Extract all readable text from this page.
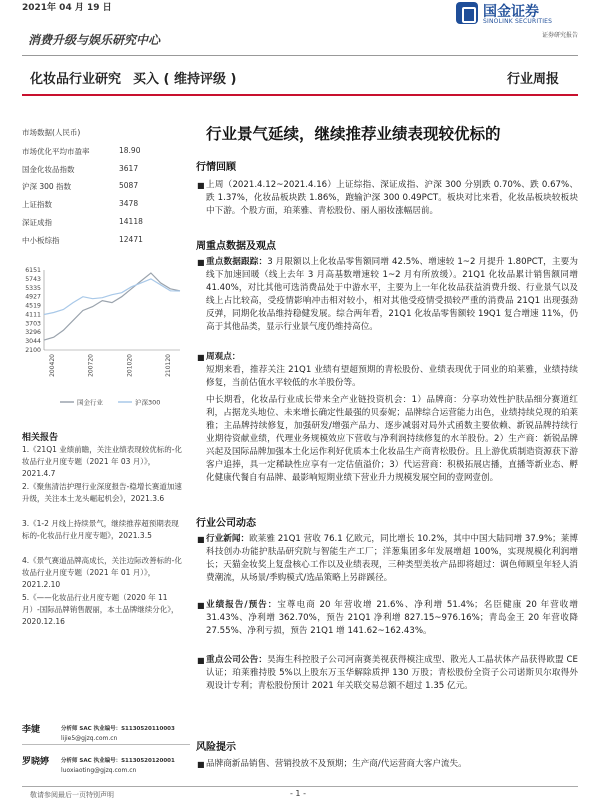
2021年 04 月 19 日	国金证券
SINOLINK SECURITIES
证券研究报告
消费升级与娱乐研究中心
化妆品行业研究 买入 ( 维持评级 )	行业周报
行业景气延续，继续推荐业绩表现较优标的
市场数据(人民币)
市场优化平均市盈率	18.90
国金化妆品指数	3617
沪深 300 指数	5087
上证指数	3478
深证成指	14118
中小板综指	12471
6151
5743
5335
4927
4519
4111
3703
3296
3044
2100
200420	200720	201020	210120
国金行业	沪深300
相关报告
1.《21Q1 业绩前瞻，关注业绩表现较优标的-化妆品行业月度专题（2021 年 03 月）》，2021.4.7
2.《聚焦清洁护理行业深度报告-稳增长赛道加速升级，关注本土龙头崛起机会》，2021.3.6
3.《1-2 月线上持续景气，继续推荐超预期表现标的-化妆品行业月度专题》，2021.3.5
4.《景气赛道品牌高成长，关注边际改善标的-化妆品行业月度专题（2021 年 01 月）》，2021.2.10
5.《——化妆品行业月度专题（2020 年 11 月）-国际品牌销售靓丽，本土品牌继续分化》，2020.12.16
李婕	分析师 SAC 执业编号：S1130520110003
lijie5@gjzq.com.cn
罗晓婷 分析师 SAC 执业编号：S1130520120001
luoxiaoting@gjzq.com.cn
行情回顾
■ 上周（2021.4.12~2021.4.16）上证综指、深证成指、沪深 300 分别跌 0.70%、跌 0.67%、跌 1.37%，化妆品板块跌 1.86%，跑输沪深 300 0.49PCT。板块对比来看，化妆品板块较板块中下游。个股方面，珀莱雅、青松股份、丽人丽妆涨幅居前。
周重点数据及观点
■ 重点数据跟踪：3 月限额以上化妆品零售额同增 42.5%、增速较 1~2 月提升 1.80PCT，主要为线下加速回暖（线上去年 3 月高基数增速较 1~2 月有所放缓）。21Q1 化妆品累计销售额同增 41.40%，对比其他可选消费品处于中游水平，主要为上一年化妆品获益消费升级、行业景气以及线上占比较高，受疫情影响冲击相对较小，相对其他受疫情受损较严重的消费品 21Q1 出现强劲反弹，同期化妆品维持稳健发展。综合两年看，21Q1 化妆品零售额较 19Q1 复合增速 11%，仍高于其他品类，显示行业景气度仍维持高位。
■ 周观点：
短期来看，推荐关注 21Q1 业绩有望超预期的青松股份、业绩表现优于同业的珀莱雅，业绩持续修复，当前估值水平较低的水羊股份等。
中长期看，化妆品行业成长带来全产业链投资机会：1）品牌商：分享功效性护肤品细分赛道红利，占据龙头地位、未来增长确定性最强的贝泰妮；品牌综合运营能力出色，业绩持续兑现的珀莱雅；主品牌持续修复，加强研发/增强产品力、逐步减弱对局外式函数主要依赖、新锐品牌持续行业期待资献业绩，代理业务规模效应下营收与净利润持续修复的水羊股份。2）生产商：新锐品牌兴起及国际品牌加强本土化运作利好优质本土化妆品生产商青松股份。且上游优质制造资源获下游客户追捧，具一定稀缺性应享有一定估值溢价；3）代运营商：积极拓展店播，直播等新业态、孵化健康代餐自有品牌、最影响短期业绩下营业升力规模发展空间的壹网壹创。
行业公司动态
■ 行业新闻：欧莱雅 21Q1 营收 76.1 亿欧元，同比增长 10.2%，其中中国大陆同增 37.9%；莱博科技创办功能护肤品研究院与智能生产工厂；洋葱集团多年发展增超 100%，实现规模化利润增长；天猫金妆奖上复盘核心工作以及业绩表现，三种类型美妆产品即将超过：调色师顾皇年轻人消费潮流，从场景/季购模式/选品策略上另辟蹊径。
■ 业绩报告/预告：宝尊电商 20 年营收增 21.6%、净利增 51.4%；名臣健康 20 年营收增 31.43%、净利增 362.70%，预告 21Q1 净利增 827.15~976.16%；青岛金王 20 年营收降 27.55%、净利亏损，预告 21Q1 增 141.62~162.43%。
■ 重点公司公告：昊海生科控股子公司河南赛美视获得模注成型、散光人工晶状体产品获得欧盟 CE 认证；珀莱雅持股 5%以上股东万玉华解除质押 130 万股；青松股份全资子公司诺斯贝尔取得外观设计专利；青松股份预计 2021 年关联交易总额不超过 1.35 亿元。
风险提示
■ 品牌商新品销售、营销投放不及预期；生产商/代运营商大客户流失。
敬请参阅最后一页特别声明	- 1 -
